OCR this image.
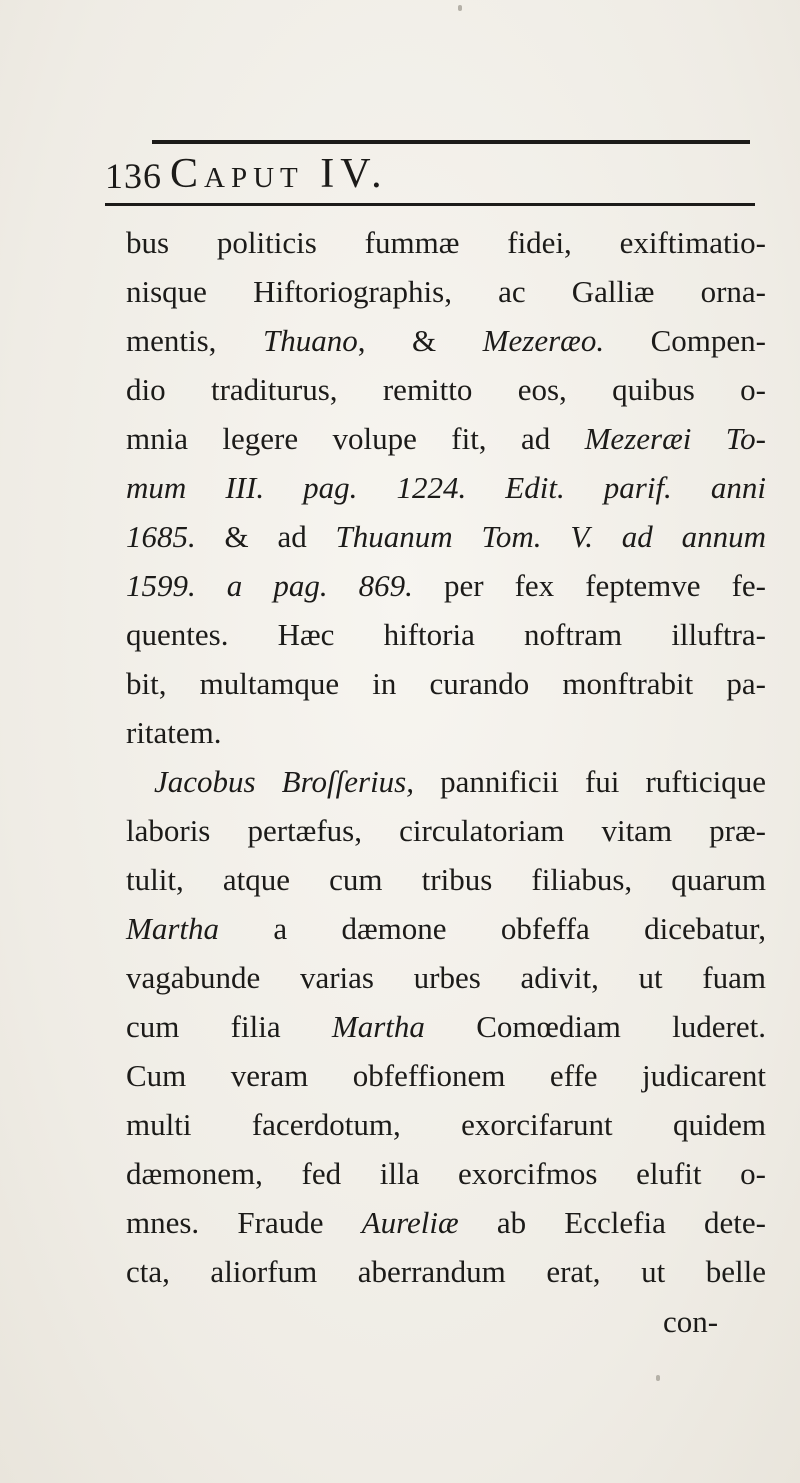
136 Caput IV.
bus politicis fummæ fidei, exiftimatio-
nisque Hiftoriographis, ac Galliæ orna-
mentis, Thuano, & Mezeræo. Compen-
dio traditurus, remitto eos, quibus o-
mnia legere volupe fit, ad Mezeræi To-
mum III. pag. 1224. Edit. parif. anni
1685. & ad Thuanum Tom. V. ad annum
1599. a pag. 869. per fex feptemve fe-
quentes. Hæc hiftoria noftram illuftra-
bit, multamque in curando monftrabit pa-
ritatem.
Jacobus Broſſerius, pannificii fui rufticique
laboris pertæfus, circulatoriam vitam præ-
tulit, atque cum tribus filiabus, quarum
Martha a dæmone obfeffa dicebatur,
vagabunde varias urbes adivit, ut fuam
cum filia Martha Comœdiam luderet.
Cum veram obfeffionem effe judicarent
multi facerdotum, exorcifarunt quidem
dæmonem, fed illa exorcifmos elufit o-
mnes. Fraude Aureliæ ab Ecclefia dete-
cta, aliorfum aberrandum erat, ut belle
con-
